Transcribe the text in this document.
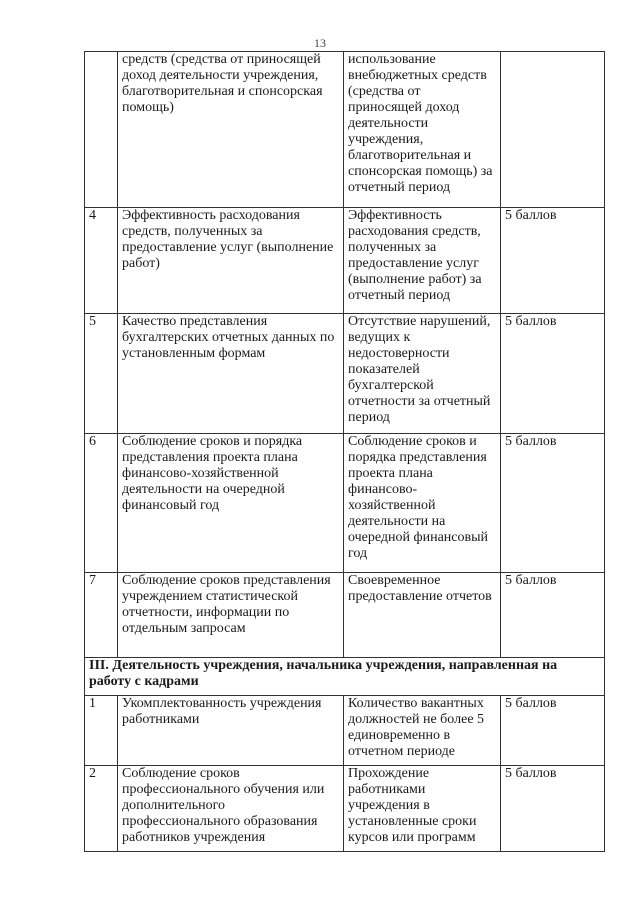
13
	средств (средства от приносящей доход деятельности учреждения, благотворительная и спонсорская помощь)	использование внебюджетных средств (средства от приносящей доход деятельности учреждения, благотворительная и спонсорская помощь) за отчетный период	
4	Эффективность расходования средств, полученных за предоставление услуг (выполнение работ)	Эффективность расходования средств, полученных за предоставление услуг (выполнение работ) за отчетный период	5 баллов
5	Качество представления бухгалтерских отчетных данных по установленным формам	Отсутствие нарушений, ведущих к недостоверности показателей бухгалтерской отчетности за отчетный период	5 баллов
6	Соблюдение сроков и порядка представления проекта плана финансово-хозяйственной деятельности на очередной финансовый год	Соблюдение сроков и порядка представления проекта плана финансово-хозяйственной деятельности на очередной финансовый год	5 баллов
7	Соблюдение сроков представления учреждением статистической отчетности, информации по отдельным запросам	Своевременное предоставление отчетов	5 баллов
III. Деятельность учреждения, начальника учреждения, направленная на работу с кадрами			
1	Укомплектованность учреждения работниками	Количество вакантных должностей не более 5 единовременно в отчетном периоде	5 баллов
2	Соблюдение сроков профессионального обучения или дополнительного профессионального образования работников учреждения	Прохождение работниками учреждения в установленные сроки курсов или программ	5 баллов
